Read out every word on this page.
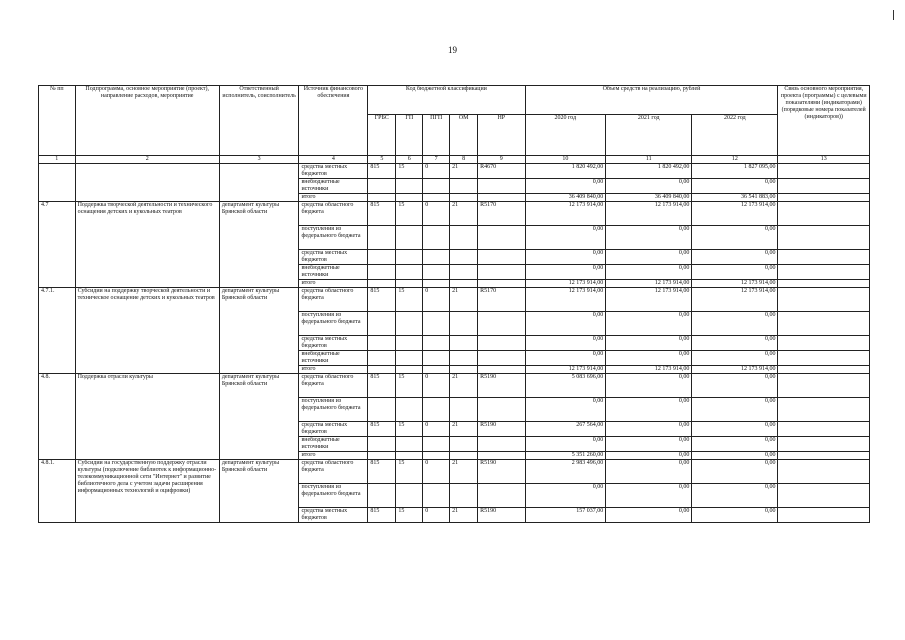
19
№ пп	Подпрограмма, основное мероприятие (проект), направление расходов, мероприятие	Ответственный исполнитель, соисполнитель	Источник финансового обеспечения	Код бюджетной классификации					Объем средств на реализацию, рублей			Связь основного мероприятия, проекта (программы) с целевыми показателями (индикаторами) (порядковые номера показателей (индикаторов))
				ГРБС	ГП	ПГП	ОМ	НР	2020 год	2021 год	2022 год	
1	2	3	4	5	6	7	8	9	10	11	12	13
			средства местных бюджетов	815	15	0	21	R4670	1 820 492,00	1 820 492,00	1 827 095,00	
			внебюджетные источники						0,00	0,00	0,00	
			итого						36 409 840,00	36 409 840,00	36 541 883,00	
4.7	Поддержка творческой деятельности и технического оснащения детских и кукольных театров	департамент культуры Брянской области	средства областного бюджета	815	15	0	21	R5170	12 173 914,00	12 173 914,00	12 173 914,00	
			поступления из федерального бюджета						0,00	0,00	0,00	
			средства местных бюджетов						0,00	0,00	0,00	
			внебюджетные источники						0,00	0,00	0,00	
			итого						12 173 914,00	12 173 914,00	12 173 914,00	
4.7.1.	Субсидии на поддержку творческой деятельности и техническое оснащение детских и кукольных театров	департамент культуры Брянской области	средства областного бюджета	815	15	0	21	R5170	12 173 914,00	12 173 914,00	12 173 914,00	
			поступления из федерального бюджета						0,00	0,00	0,00	
			средства местных бюджетов						0,00	0,00	0,00	
			внебюджетные источники						0,00	0,00	0,00	
			итого						12 173 914,00	12 173 914,00	12 173 914,00	
4.8.	Поддержка отрасли культуры	департамент культуры Брянской области	средства областного бюджета	815	15	0	21	R5190	5 083 696,00	0,00	0,00	
			поступления из федерального бюджета						0,00	0,00	0,00	
			средства местных бюджетов	815	15	0	21	R5190	267 564,00	0,00	0,00	
			внебюджетные источники						0,00	0,00	0,00	
			итого						5 351 260,00	0,00	0,00	
4.8.1.	Субсидии на государственную поддержку отрасли культуры (подключение библиотек к информационно-телекоммуникационной сети "Интернет" и развитие библиотечного дела с учетом задачи расширения информационных технологий и оцифровки)	департамент культуры Брянской области	средства областного бюджета	815	15	0	21	R5190	2 983 496,00	0,00	0,00	
			поступления из федерального бюджета						0,00	0,00	0,00	
			средства местных бюджетов	815	15	0	21	R5190	157 037,00	0,00	0,00	
